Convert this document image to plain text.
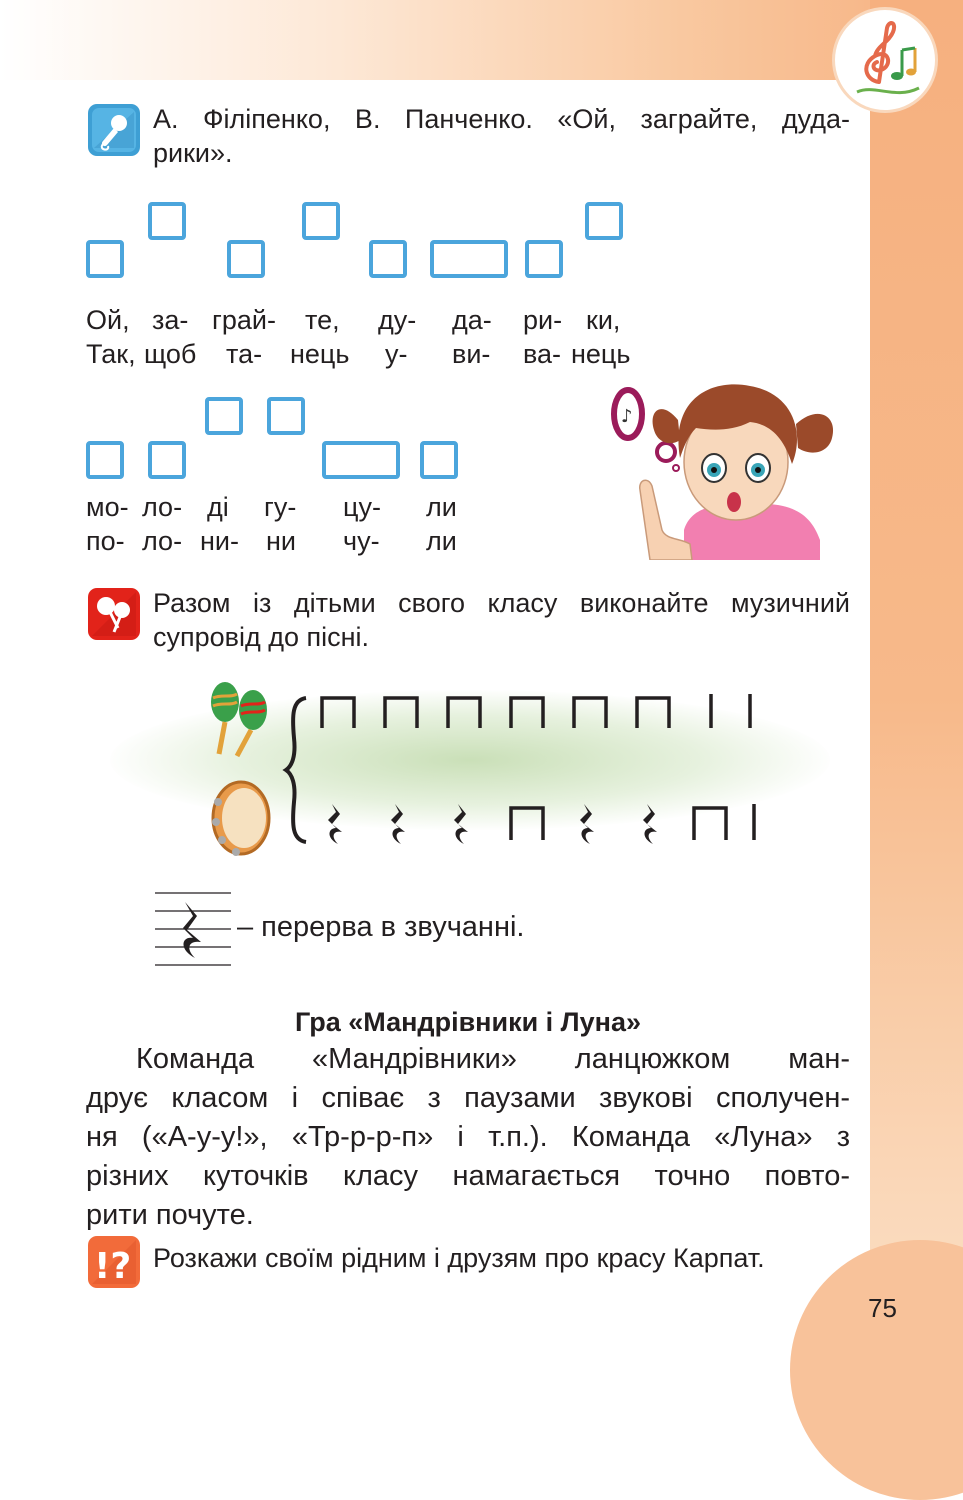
А. Філіпенко, В. Панченко. «Ой, заграйте, дуда-
рики».
Ой, за- грай- те, ду- да- ри- ки,
Так, щоб та- нець у- ви- ва- нець
мо- ло- ді гу- цу- ли
по- ло- ни- ни чу- ли
♪
Разом із дітьми свого класу виконайте музичний
супровід до пісні.
– перерва в звучанні.
Гра «Мандрівники і Луна»
Команда «Мандрівники» ланцюжком ман-
друє класом і співає з паузами звукові сполучен-
ня («А-у-у!», «Тр-р-р-п» і т.п.). Команда «Луна» з
різних куточків класу намагається точно повто-
рити почуте.
!? Розкажи своїм рідним і друзям про красу Карпат.
75
